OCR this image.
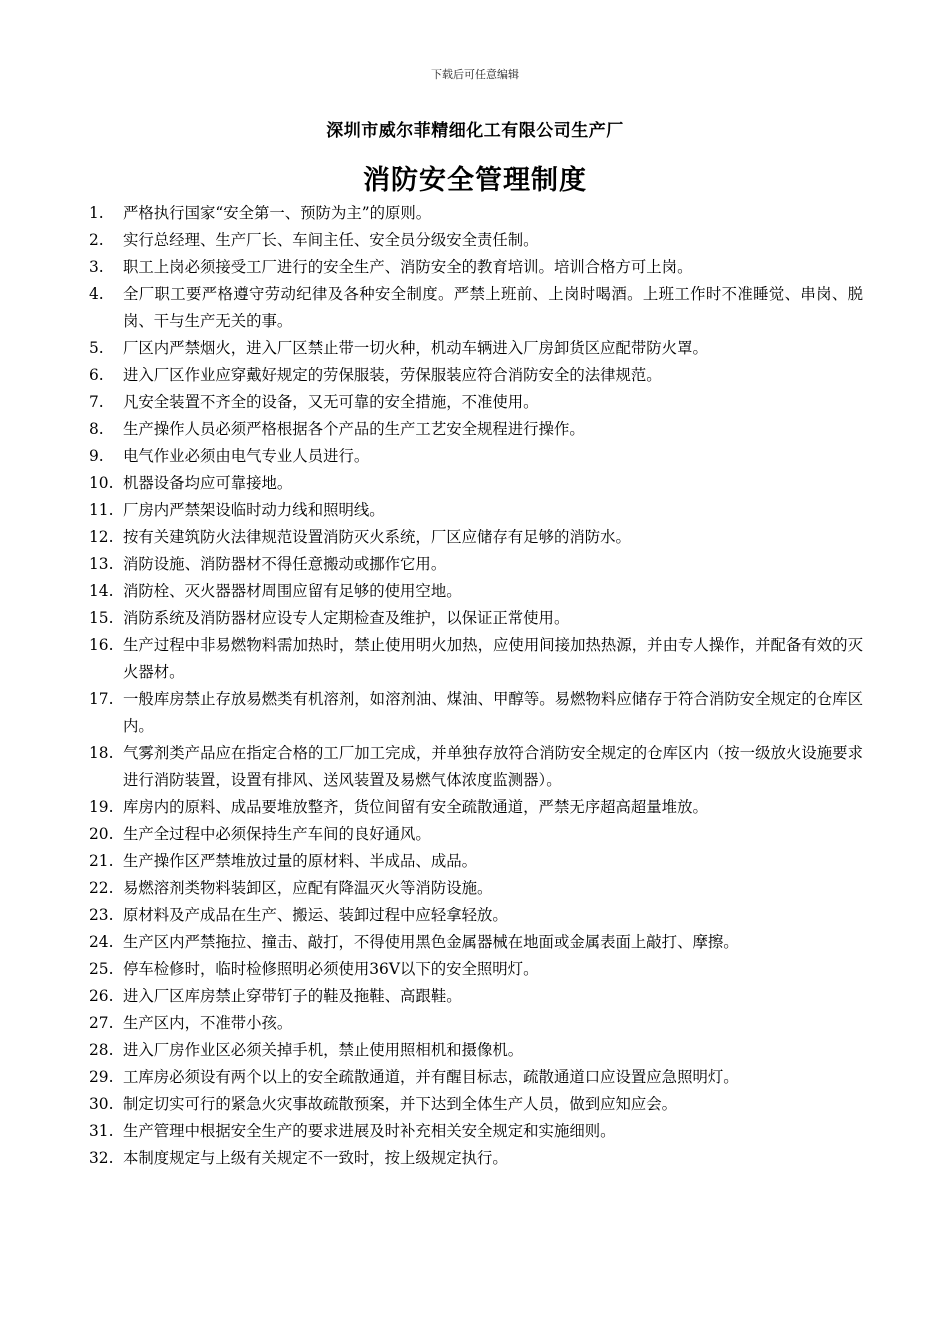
下载后可任意编辑
深圳市威尔菲精细化工有限公司生产厂
消防安全管理制度
1. 严格执行国家“安全第一、预防为主”的原则。
2. 实行总经理、生产厂长、车间主任、安全员分级安全责任制。
3. 职工上岗必须接受工厂进行的安全生产、消防安全的教育培训。培训合格方可上岗。
4. 全厂职工要严格遵守劳动纪律及各种安全制度。严禁上班前、上岗时喝酒。上班工作时不准睡觉、串岗、脱岗、干与生产无关的事。
5. 厂区内严禁烟火，进入厂区禁止带一切火种，机动车辆进入厂房卸货区应配带防火罩。
6. 进入厂区作业应穿戴好规定的劳保服装，劳保服装应符合消防安全的法律规范。
7. 凡安全装置不齐全的设备，又无可靠的安全措施，不准使用。
8. 生产操作人员必须严格根据各个产品的生产工艺安全规程进行操作。
9. 电气作业必须由电气专业人员进行。
10. 机器设备均应可靠接地。
11. 厂房内严禁架设临时动力线和照明线。
12. 按有关建筑防火法律规范设置消防灭火系统，厂区应储存有足够的消防水。
13. 消防设施、消防器材不得任意搬动或挪作它用。
14. 消防栓、灭火器器材周围应留有足够的使用空地。
15. 消防系统及消防器材应设专人定期检查及维护，以保证正常使用。
16. 生产过程中非易燃物料需加热时，禁止使用明火加热，应使用间接加热热源，并由专人操作，并配备有效的灭火器材。
17. 一般库房禁止存放易燃类有机溶剂，如溶剂油、煤油、甲醇等。易燃物料应储存于符合消防安全规定的仓库区内。
18. 气雾剂类产品应在指定合格的工厂加工完成，并单独存放符合消防安全规定的仓库区内（按一级放火设施要求进行消防装置，设置有排风、送风装置及易燃气体浓度监测器）。
19. 库房内的原料、成品要堆放整齐，货位间留有安全疏散通道，严禁无序超高超量堆放。
20. 生产全过程中必须保持生产车间的良好通风。
21. 生产操作区严禁堆放过量的原材料、半成品、成品。
22. 易燃溶剂类物料装卸区，应配有降温灭火等消防设施。
23. 原材料及产成品在生产、搬运、装卸过程中应轻拿轻放。
24. 生产区内严禁拖拉、撞击、敲打，不得使用黑色金属器械在地面或金属表面上敲打、摩擦。
25. 停车检修时，临时检修照明必须使用36V以下的安全照明灯。
26. 进入厂区库房禁止穿带钉子的鞋及拖鞋、高跟鞋。
27. 生产区内，不准带小孩。
28. 进入厂房作业区必须关掉手机，禁止使用照相机和摄像机。
29. 工库房必须设有两个以上的安全疏散通道，并有醒目标志，疏散通道口应设置应急照明灯。
30. 制定切实可行的紧急火灾事故疏散预案，并下达到全体生产人员，做到应知应会。
31. 生产管理中根据安全生产的要求进展及时补充相关安全规定和实施细则。
32. 本制度规定与上级有关规定不一致时，按上级规定执行。
